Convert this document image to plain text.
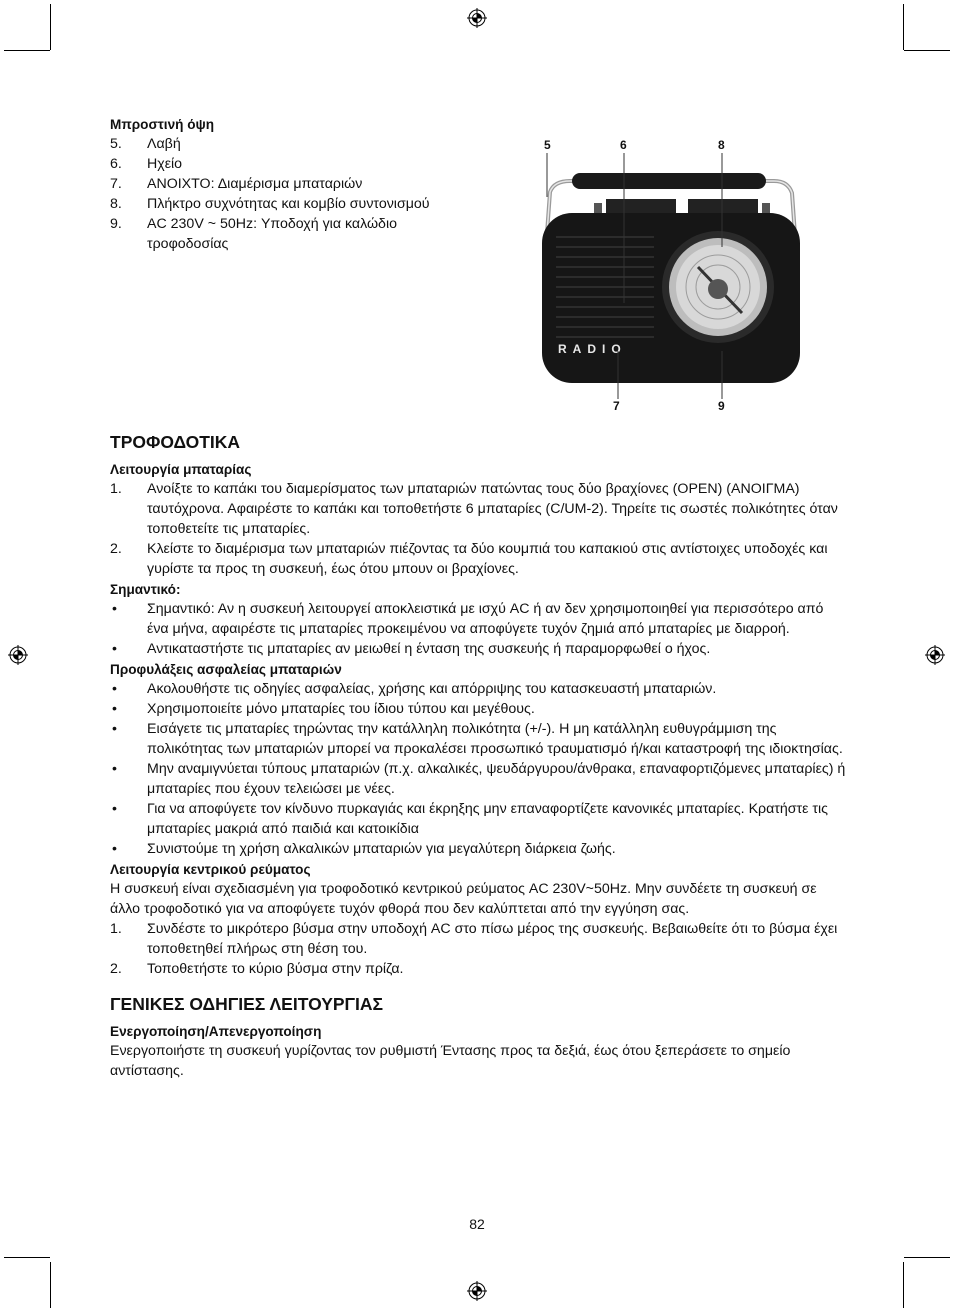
Μπροστινή όψη

5. Λαβή
6. Ηχείο
7. ΑΝΟΙΧΤΟ: Διαμέρισμα μπαταριών
8. Πλήκτρο συχνότητας και κομβίο συντονισμού
9. AC 230V ~ 50Hz: Υποδοχή για καλώδιο τροφοδοσίας
RADIO
5	6	8
7	9
ΤΡΟΦΟΔΟΤΙΚΑ

Λειτουργία μπαταρίας

1. Ανοίξτε το καπάκι του διαμερίσματος των μπαταριών πατώντας τους δύο βραχίονες (OPEN) (ΑΝΟΙΓΜΑ) ταυτόχρονα. Αφαιρέστε το καπάκι και τοποθετήστε 6 μπαταρίες (C/UM-2). Τηρείτε τις σωστές πολικότητες όταν τοποθετείτε τις μπαταρίες.
2. Κλείστε το διαμέρισμα των μπαταριών πιέζοντας τα δύο κουμπιά του καπακιού στις αντίστοιχες υποδοχές και γυρίστε τα προς τη συσκευή, έως ότου μπουν οι βραχίονες.

Σημαντικό:

• Σημαντικό: Αν η συσκευή λειτουργεί αποκλειστικά με ισχύ AC ή αν δεν χρησιμοποιηθεί για περισσότερο από ένα μήνα, αφαιρέστε τις μπαταρίες προκειμένου να αποφύγετε τυχόν ζημιά από μπαταρίες με διαρροή.
• Αντικαταστήστε τις μπαταρίες αν μειωθεί η ένταση της συσκευής ή παραμορφωθεί ο ήχος.

Προφυλάξεις ασφαλείας μπαταριών

• Ακολουθήστε τις οδηγίες ασφαλείας, χρήσης και απόρριψης του κατασκευαστή μπαταριών.
• Χρησιμοποιείτε μόνο μπαταρίες του ίδιου τύπου και μεγέθους.
• Εισάγετε τις μπαταρίες τηρώντας την κατάλληλη πολικότητα (+/-). Η μη κατάλληλη ευθυγράμμιση της πολικότητας των μπαταριών μπορεί να προκαλέσει προσωπικό τραυματισμό ή/και καταστροφή της ιδιοκτησίας.
• Μην αναμιγνύεται τύπους μπαταριών (π.χ. αλκαλικές, ψευδάργυρου/άνθρακα, επαναφορτιζόμενες μπαταρίες) ή μπαταρίες που έχουν τελειώσει με νέες.
• Για να αποφύγετε τον κίνδυνο πυρκαγιάς και έκρηξης μην επαναφορτίζετε κανονικές μπαταρίες. Κρατήστε τις μπαταρίες μακριά από παιδιά και κατοικίδια
• Συνιστούμε τη χρήση αλκαλικών μπαταριών για μεγαλύτερη διάρκεια ζωής.

Λειτουργία κεντρικού ρεύματος

Η συσκευή είναι σχεδιασμένη για τροφοδοτικό κεντρικού ρεύματος AC 230V~50Hz. Μην συνδέετε τη συσκευή σε άλλο τροφοδοτικό για να αποφύγετε τυχόν φθορά που δεν καλύπτεται από την εγγύηση σας.
1. Συνδέστε το μικρότερο βύσμα στην υποδοχή AC στο πίσω μέρος της συσκευής. Βεβαιωθείτε ότι το βύσμα έχει τοποθετηθεί πλήρως στη θέση του.
2. Τοποθετήστε το κύριο βύσμα στην πρίζα.
ΓΕΝΙΚΕΣ ΟΔΗΓΙΕΣ ΛΕΙΤΟΥΡΓΙΑΣ

Ενεργοποίηση/Απενεργοποίηση

Ενεργοποιήστε τη συσκευή γυρίζοντας τον ρυθμιστή Έντασης προς τα δεξιά, έως ότου ξεπεράσετε το σημείο αντίστασης.
82
